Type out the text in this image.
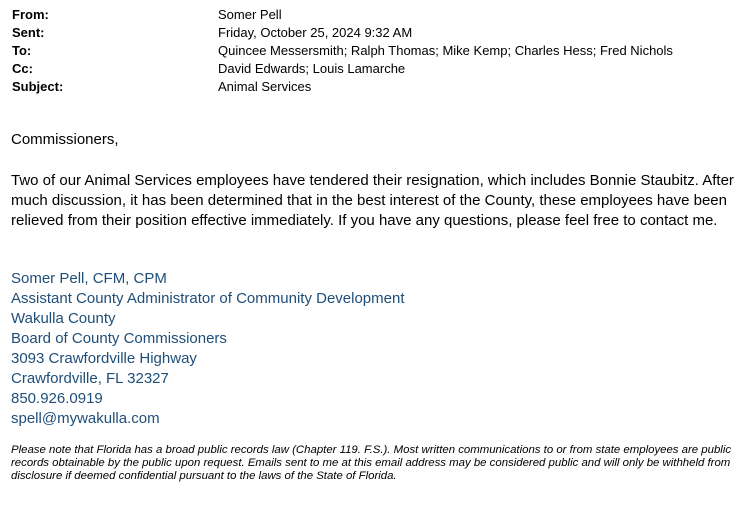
From:	Somer Pell
Sent:	Friday, October 25, 2024 9:32 AM
To:	Quincee Messersmith; Ralph Thomas; Mike Kemp; Charles Hess; Fred Nichols
Cc:	David Edwards; Louis Lamarche
Subject:	Animal Services
Commissioners,
Two of our Animal Services employees have tendered their resignation, which includes Bonnie Staubitz. After much discussion, it has been determined that in the best interest of the County, these employees have been relieved from their position effective immediately. If you have any questions, please feel free to contact me.
Somer Pell, CFM, CPM
Assistant County Administrator of Community Development
Wakulla County
Board of County Commissioners
3093 Crawfordville Highway
Crawfordville, FL 32327
850.926.0919
spell@mywakulla.com
Please note that Florida has a broad public records law (Chapter 119. F.S.). Most written communications to or from state employees are public records obtainable by the public upon request. Emails sent to me at this email address may be considered public and will only be withheld from disclosure if deemed confidential pursuant to the laws of the State of Florida.
